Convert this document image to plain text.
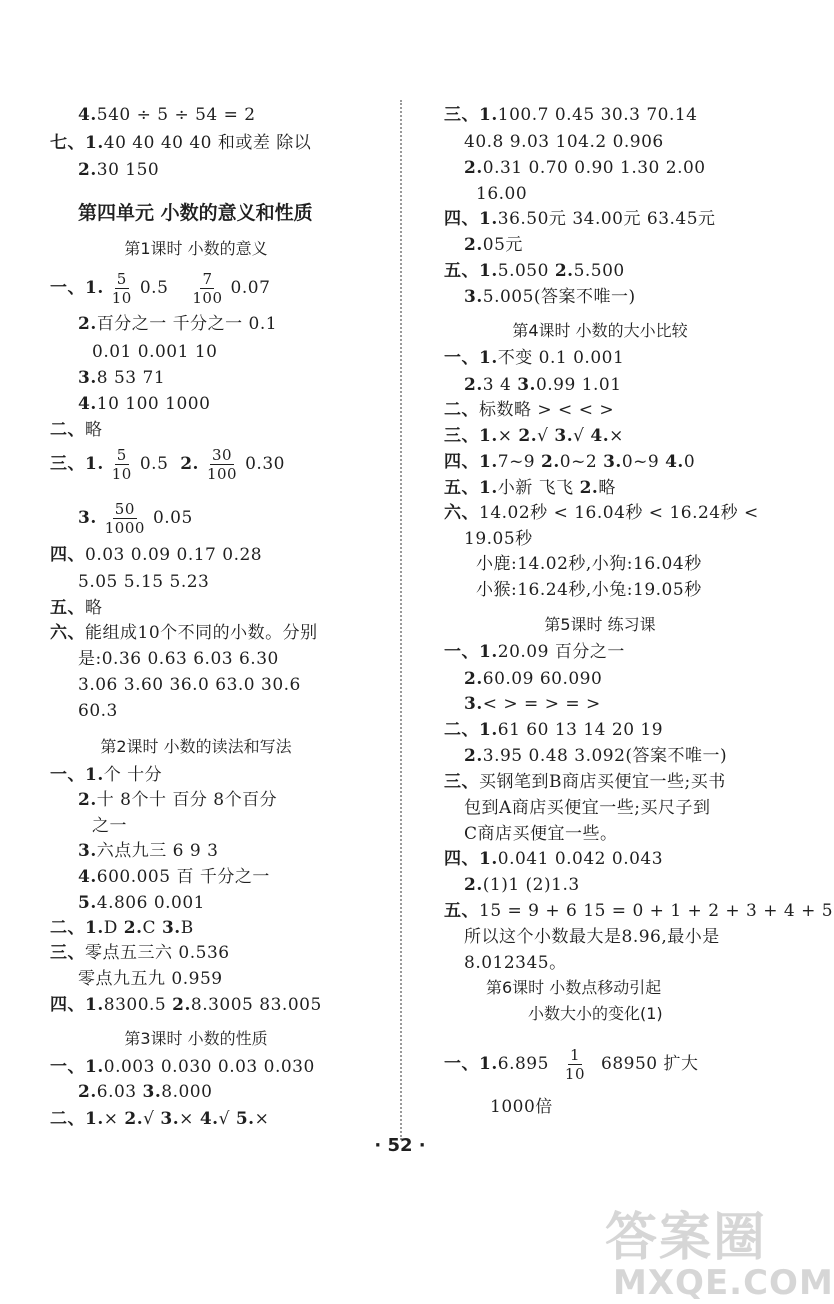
4.540 ÷ 5 ÷ 54 = 2
七、1.40 40 40 40 和或差 除以
2.30 150
第四单元 小数的意义和性质
第1课时 小数的意义
一、1. $\frac{5}{10} 0.5 \frac{7}{100} 0.07$
2.百分之一 千分之一 0.1
0.01 0.001 10
3.8 53 71
4.10 100 1000
二、略
三、1. $\frac{5}{10} 0.5$ 2. $\frac{30}{100} 0.30$
3. $\frac{50}{1000} 0.05$
四、0.03 0.09 0.17 0.28
5.05 5.15 5.23
五、略
六、能组成10个不同的小数。分别
是:0.36 0.63 6.03 6.30
3.06 3.60 36.0 63.0 30.6
60.3
第2课时 小数的读法和写法
一、1.个 十分
2.十 8个十 百分 8个百分
之一
3.六点九三 6 9 3
4.600.005 百 千分之一
5.4.806 0.001
二、1.D 2.C 3.B
三、零点五三六 0.536
零点九五九 0.959
四、1.8300.5 2.8.3005 83.005
第3课时 小数的性质
一、1.0.003 0.030 0.03 0.030
2.6.03 3.8.000
二、1.× 2.√ 3.× 4.√ 5.×
三、1.100.7 0.45 30.3 70.14
40.8 9.03 104.2 0.906
2.0.31 0.70 0.90 1.30 2.00
16.00
四、1.36.50元 34.00元 63.45元
2.05元
五、1.5.050 2.5.500
3.5.005(答案不唯一)
第4课时 小数的大小比较
一、1.不变 0.1 0.001
2.3 4 3.0.99 1.01
二、标数略 > < < >
三、1.× 2.√ 3.√ 4.×
四、1.7~9 2.0~2 3.0~9 4.0
五、1.小新 飞飞 2.略
六、14.02秒 < 16.04秒 < 16.24秒 <
19.05秒
小鹿:14.02秒,小狗:16.04秒
小猴:16.24秒,小兔:19.05秒
第5课时 练习课
一、1.20.09 百分之一
2.60.09 60.090
3.< > = > = >
二、1.61 60 13 14 20 19
2.3.95 0.48 3.092(答案不唯一)
三、买钢笔到B商店买便宜一些;买书
包到A商店买便宜一些;买尺子到
C商店买便宜一些。
四、1.0.041 0.042 0.043
2.(1)1 (2)1.3
五、15 = 9 + 6 15 = 0 + 1 + 2 + 3 + 4 + 5
所以这个小数最大是8.96,最小是
8.012345。
第6课时 小数点移动引起
小数大小的变化(1)
一、$1.6.895 \frac{1}{10} 68950$ 扩大
1000倍
· 52 ·
答案圈
MXQE.COM
